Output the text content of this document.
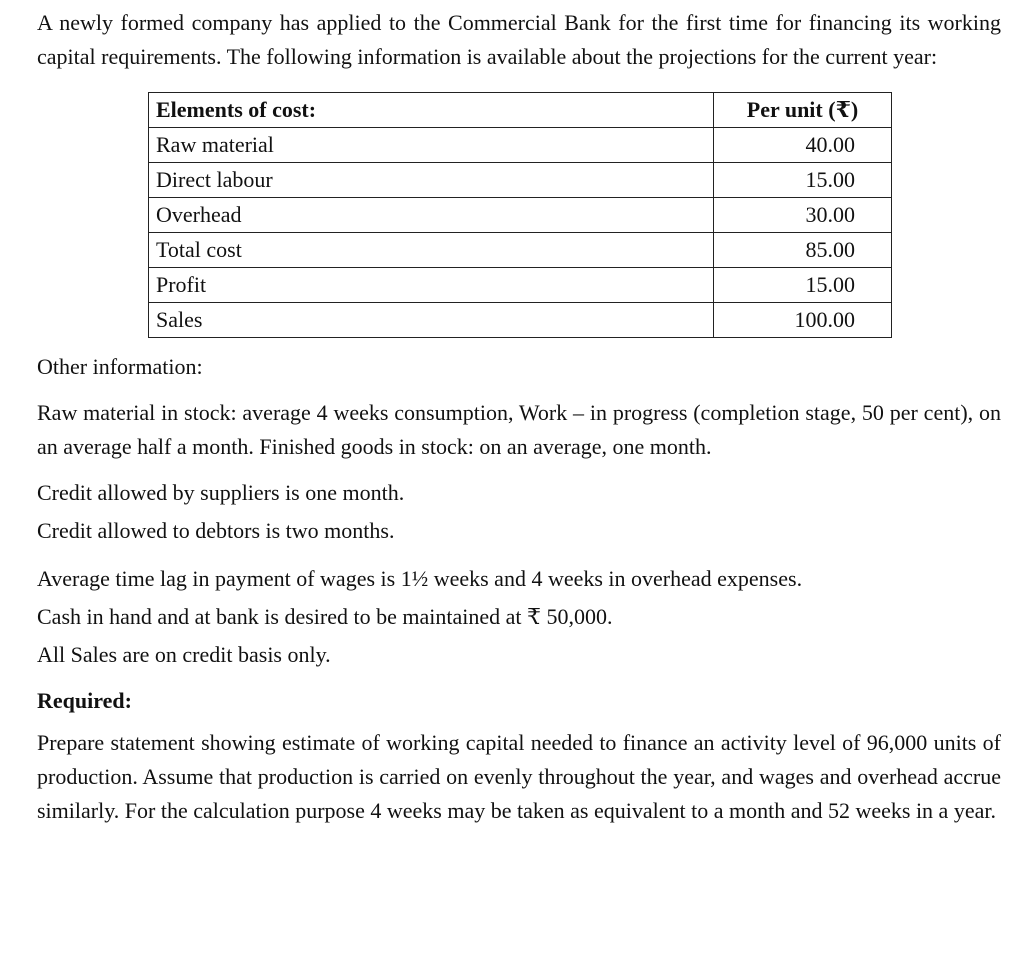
A newly formed company has applied to the Commercial Bank for the first time for financing its working capital requirements. The following information is available about the projections for the current year:

Elements of cost:	Per unit (₹)
Raw material	40.00
Direct labour	15.00
Overhead	30.00
Total cost	85.00
Profit	15.00
Sales	100.00

Other information:

Raw material in stock: average 4 weeks consumption, Work – in progress (completion stage, 50 per cent), on an average half a month. Finished goods in stock: on an average, one month.

Credit allowed by suppliers is one month.

Credit allowed to debtors is two months.

Average time lag in payment of wages is 1½ weeks and 4 weeks in overhead expenses.

Cash in hand and at bank is desired to be maintained at ₹ 50,000.

All Sales are on credit basis only.

Required:

Prepare statement showing estimate of working capital needed to finance an activity level of 96,000 units of production. Assume that production is carried on evenly throughout the year, and wages and overhead accrue similarly. For the calculation purpose 4 weeks may be taken as equivalent to a month and 52 weeks in a year.
